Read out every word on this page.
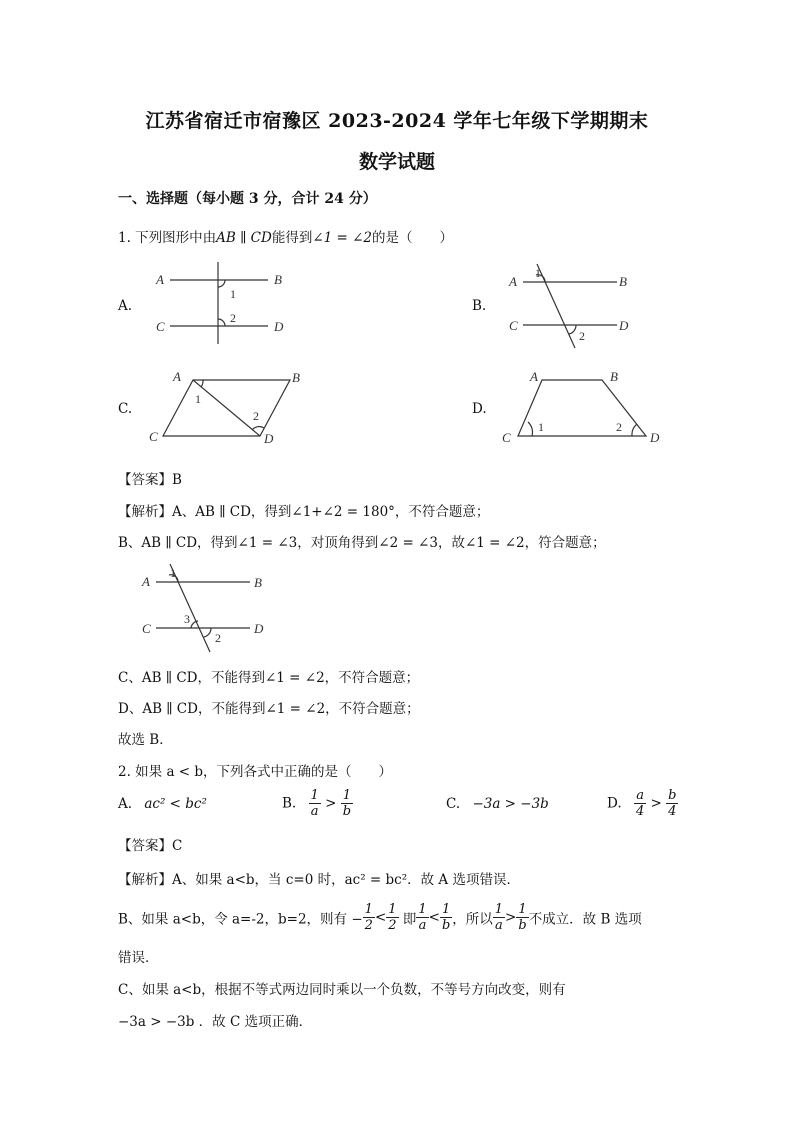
江苏省宿迁市宿豫区 2023-2024 学年七年级下学期期末
数学试题
一、选择题（每小题 3 分，合计 24 分）
1. 下列图形中由AB ∥ CD能得到∠1 = ∠2的是（　　）
A.	B.
C.	D.
A	B
C	D
1
2
A	B
C	D
1
2
A	B
C	D
1
2
A	B
C	D
1	2
【答案】B
【解析】A、AB ∥ CD，得到∠1+∠2 = 180°，不符合题意；
B、AB ∥ CD，得到∠1 = ∠3，对顶角得到∠2 = ∠3，故∠1 = ∠2，符合题意；
A	B
C	D
1
3
2
C、AB ∥ CD，不能得到∠1 = ∠2，不符合题意；
D、AB ∥ CD，不能得到∠1 = ∠2，不符合题意；
故选 B．
2. 如果 a < b，下列各式中正确的是（　　）
A. ac² < bc²	B. $\frac{1}{a} > \frac{1}{b}$	C. −3a > −3b	D. $\frac{a}{4} > \frac{b}{4}$
【答案】C
【解析】A、如果 a<b，当 c=0 时，ac² = bc²．故 A 选项错误．
B、如果 a<b，令 a=-2，b=2，则有 − $\frac{1}{2} < \frac{1}{2}$ 即 $\frac{1}{a} < \frac{1}{b}$ ，所以 $\frac{1}{a} > \frac{1}{b}$ 不成立．故 B 选项
错误．
C、如果 a<b，根据不等式两边同时乘以一个负数，不等号方向改变，则有
−3a > −3b ．故 C 选项正确．
